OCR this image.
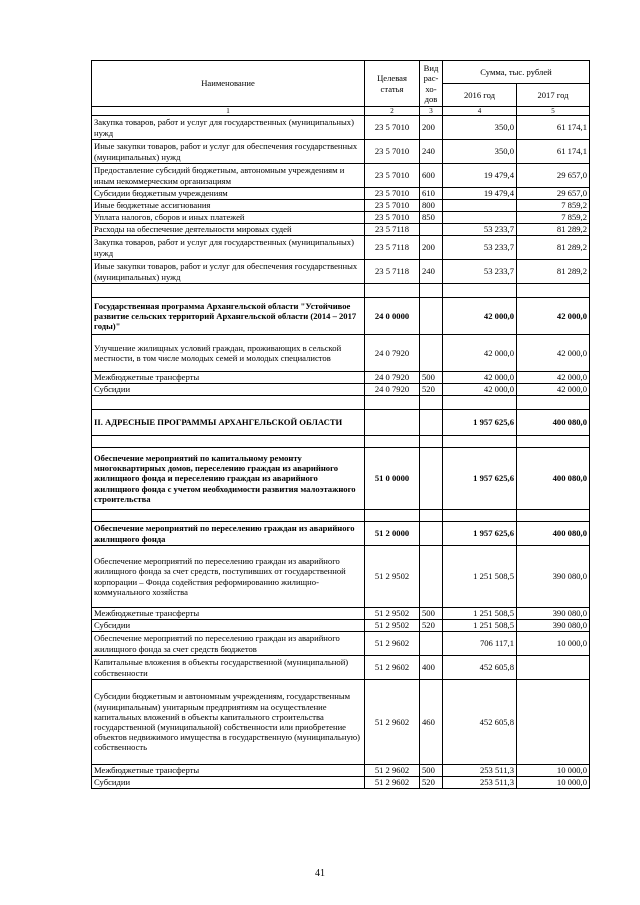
Наименование	Целевая статья	Вид рас-хо-дов	Сумма, тыс. рублей	
			2016 год	2017 год
1	2	3	4	5
Закупка товаров, работ и услуг для государственных (муниципальных) нужд	23 5 7010	200	350,0	61 174,1
Иные закупки товаров, работ и услуг для обеспечения государственных (муниципальных) нужд	23 5 7010	240	350,0	61 174,1
Предоставление субсидий бюджетным, автономным учреждениям и иным некоммерческим организациям	23 5 7010	600	19 479,4	29 657,0
Субсидии бюджетным учреждениям	23 5 7010	610	19 479,4	29 657,0
Иные бюджетные ассигнования	23 5 7010	800		7 859,2
Уплата налогов, сборов и иных платежей	23 5 7010	850		7 859,2
Расходы на обеспечение деятельности мировых судей	23 5 7118		53 233,7	81 289,2
Закупка товаров, работ и услуг для государственных (муниципальных) нужд	23 5 7118	200	53 233,7	81 289,2
Иные закупки товаров, работ и услуг для обеспечения государственных (муниципальных) нужд	23 5 7118	240	53 233,7	81 289,2

Государственная программа Архангельской области "Устойчивое развитие сельских территорий Архангельской области (2014 – 2017 годы)"	24 0 0000		42 000,0	42 000,0
Улучшение жилищных условий граждан, проживающих в сельской местности, в том числе молодых семей и молодых специалистов	24 0 7920		42 000,0	42 000,0
Межбюджетные трансферты	24 0 7920	500	42 000,0	42 000,0
Субсидии	24 0 7920	520	42 000,0	42 000,0

II. АДРЕСНЫЕ ПРОГРАММЫ АРХАНГЕЛЬСКОЙ ОБЛАСТИ			1 957 625,6	400 080,0

Обеспечение мероприятий по капитальному ремонту многоквартирных домов, переселению граждан из аварийного жилищного фонда и переселению граждан из аварийного жилищного фонда с учетом необходимости развития малоэтажного строительства	51 0 0000		1 957 625,6	400 080,0

Обеспечение мероприятий по переселению граждан из аварийного жилищного фонда	51 2 0000		1 957 625,6	400 080,0
Обеспечение мероприятий по переселению граждан из аварийного жилищного фонда за счет средств, поступивших от государственной корпорации – Фонда содействия реформированию жилищно-коммунального хозяйства	51 2 9502		1 251 508,5	390 080,0
Межбюджетные трансферты	51 2 9502	500	1 251 508,5	390 080,0
Субсидии	51 2 9502	520	1 251 508,5	390 080,0
Обеспечение мероприятий по переселению граждан из аварийного жилищного фонда за счет средств бюджетов	51 2 9602		706 117,1	10 000,0
Капитальные вложения в объекты государственной (муниципальной) собственности	51 2 9602	400	452 605,8	
Субсидии бюджетным и автономным учреждениям, государственным (муниципальным) унитарным предприятиям на осуществление капитальных вложений в объекты капитального строительства государственной (муниципальной) собственности или приобретение объектов недвижимого имущества в государственную (муниципальную) собственность	51 2 9602	460	452 605,8	
Межбюджетные трансферты	51 2 9602	500	253 511,3	10 000,0
Субсидии	51 2 9602	520	253 511,3	10 000,0
41
